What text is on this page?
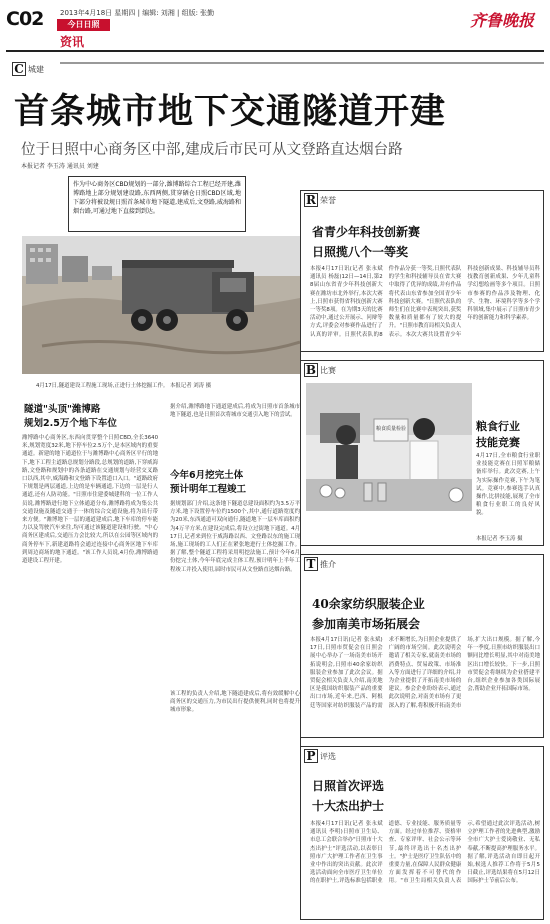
C02 2013年4月18日 星期四 | 编辑: 刘湘 | 组版: 张勤
今日日照
资讯
齐鲁晚报
C 城建
首条城市地下交通隧道开建
位于日照中心商务区中部,建成后市民可从文登路直达烟台路
本报记者 李玉涛 通讯员 刘建
作为中心商务区CBD规划的一部分,潍博路综合工程已经开建,潍博路地上部分规划建设路,东西两侧,贯穿硒仓日照CBD区域,地下部分将被设规日照首条城市地下隧道,建成后,文登路,威海路和烟台路,可通过地下直接到到达。
4月17日,隧道建设工程施工现场,正进行土体挖掘工作。 本报记者 刘涛 摄
隧道"头顶"潍博路
规划2.5万个地下车位
潍博路中心商务区,东西向贯穿整个日照CBD,全长3640米,规划宽度32米,地下停车位2.5万个,是本区域内的重要通道。新建的地下通道位于与潍博路中心商务区平行的地下,地下工程主道路总规划分路段,总规划的道路,下穿威海路,文登路和规划中的各条道路在交通规划与经营交叉路口以西,其中,威海路和文登路下设置道口入口。"道路政府下规划是两层通道,上边的是车辆通道,下边的一层是行人通道,还有人防功能。"日照市住建委城建科的一位工作人员说,潍博路进行地下立体通道分布,潍博路将成为集公共交通设施及隧道交通于一体的综合交通设施,将为出行带来方便。"潍博地下一层的通道建成后,地下车库的停车能力以及驾驶汽车来往,均可通过该隧道建设和行驶。"中心商务区建成后,交通压力会比较大,所以在公园等区域内的商务停车下,新建道路将会通过连接中心商务区地下车库到周边商场的地下通道。"该工作人员说,4月份,潍博路通道建设工程开建。
据介绍,潍博路地下通道建成后,将成为日照市首条城市地下隧道,也是日照首次将城市交通引入地下的尝试。
今年6月挖完土体
预计明年工程竣工
据规划部门介绍,这条地下隧道总建设面积约为3.5万平方米,地下设置停车位约1500个,其中,通行道路宽度约为20米,东西通道可双向通行,隧道地下一层车库面积约为4万平方米,在建设完成后,将设立过街地下通道。4月17日,记者来到位于威海路以西、文登路以东的施工现场,施工现场的工人们正在紧张地进行土体挖掘工作。据了解,整个隧道工程将采用明挖法施工,预计今年6月份挖完土体,今年年底完成主体工程,预计明年上半年工程竣工并投入使用,届时市民可从文登路直达烟台路。
该工程的负责人介绍,地下隧道建成后,将有效缓解中心商务区的交通压力,为市民出行提供便利,同时也将提升城市形象。
R 荣誉
省青少年科技创新赛
日照揽八个一等奖
本报4月17日讯(记者 张永斌 通讯员 杨磊)12日—14日,第28届山东省青少年科技创新大赛在潍坊市北外举行,本次大赛上,日照市获得省科技创新大赛一等奖8项。在为期3天的比赛活动中,通过公开展示、问辩等方式,评委会对参赛作品进行了认真的评审。日照代表队的8件作品分获一等奖,日照代表队的学生和科技辅导员在省大赛中取得了优异的成绩,并有作品将代表山东省参加全国青少年科技创新大赛。"日照代表队的师生们在比赛中表现突出,获奖数量和质量都有了较大的提升。"日照市教育局相关负责人表示。本次大赛共设置青少年科技创新成果、科技辅导员科技教育创新成果、少年儿童科学幻想绘画等多个项目。日照市参赛的作品涉及物理、化学、生物、环境科学等多个学科领域,集中展示了日照市青少年的创新能力和科学素养。
B 比赛
粮食质量检验	粮食行业
技能竞赛
4月17日,全市粮食行业职业技能竞赛在日照军粮储备库举行。此次竞赛,上午为实际操作竞赛,下午为笔试。竞赛中,参赛选手认真操作,比拼技能,展现了全市粮食行业职工的良好风貌。
本报记者 李玉涛 摄
T 推介
40余家纺织服装企业
参加南美市场拓展会
本报4月17日讯(记者 张永斌)17日,日照市贸促会在日照会展中心举办了一场南美市场开拓说明会,日照市40余家纺织服装企业参加了此次会议。据贸促会相关负责人介绍,南美地区是我国纺织服装产品的重要出口市场,近年来,巴西、阿根廷等国家对纺织服装产品的需求不断增长,为日照企业提供了广阔的市场空间。此次说明会邀请了相关专家,就南美市场的消费特点、贸易政策、市场准入等方面进行了详细的介绍,并为企业提供了开拓南美市场的建议。参会企业纷纷表示,通过此次说明会,对南美市场有了更深入的了解,将积极开拓南美市场,扩大出口规模。据了解,今年一季度,日照市纺织服装出口额同比增长明显,其中对南美地区出口增长较快。下一步,日照市贸促会将继续为企业搭建平台,组织企业参加各类国际展会,帮助企业开拓国际市场。
P 评选
日照首次评选
十大杰出护士
本报4月17日讯(记者 张永斌 通讯员 李明)日照市卫生局、市总工会联合举办"日照市十大杰出护士"评选活动,以表彰日照市广大护理工作者在卫生事业中作出的突出贡献。此次评选活动面向全市医疗卫生单位的在职护士,评选标准包括职业道德、专业技能、服务质量等方面。经过单位推荐、资格审查、专家评审、社会公示等环节,最终评选出十名杰出护士。"护士是医疗卫生队伍中的重要力量,在保障人民群众健康方面发挥着不可替代的作用。"市卫生局相关负责人表示,希望通过此次评选活动,树立护理工作者的先进典型,激励全市广大护士爱岗敬业、无私奉献,不断提高护理服务水平。据了解,评选活动自即日起开始,候选人推荐工作将于5月5日截止,评选结果将在5月12日国际护士节前后公布。
